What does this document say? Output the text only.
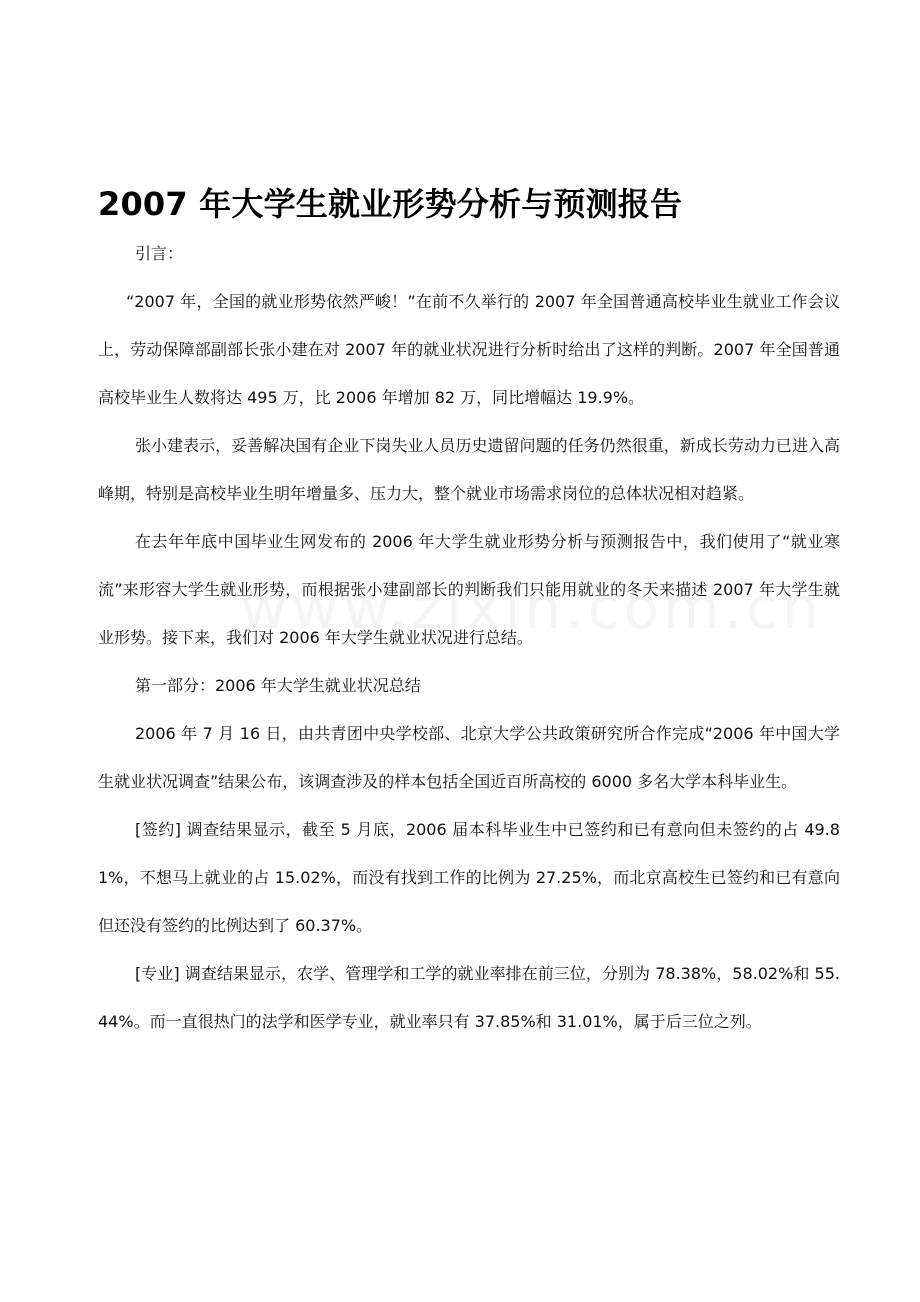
2007 年大学生就业形势分析与预测报告

引言：

“2007 年，全国的就业形势依然严峻！”在前不久举行的 2007 年全国普通高校毕业生就业工作会议上，劳动保障部副部长张小建在对 2007 年的就业状况进行分析时给出了这样的判断。2007 年全国普通高校毕业生人数将达 495 万，比 2006 年增加 82 万，同比增幅达 19.9%。

张小建表示，妥善解决国有企业下岗失业人员历史遗留问题的任务仍然很重，新成长劳动力已进入高峰期，特别是高校毕业生明年增量多、压力大，整个就业市场需求岗位的总体状况相对趋紧。

在去年年底中国毕业生网发布的 2006 年大学生就业形势分析与预测报告中，我们使用了“就业寒流”来形容大学生就业形势，而根据张小建副部长的判断我们只能用就业的冬天来描述 2007 年大学生就业形势。接下来，我们对 2006 年大学生就业状况进行总结。

第一部分：2006 年大学生就业状况总结

2006 年 7 月 16 日，由共青团中央学校部、北京大学公共政策研究所合作完成“2006 年中国大学生就业状况调查”结果公布，该调查涉及的样本包括全国近百所高校的 6000 多名大学本科毕业生。

[签约] 调查结果显示，截至 5 月底，2006 届本科毕业生中已签约和已有意向但未签约的占 49.81%，不想马上就业的占 15.02%，而没有找到工作的比例为 27.25%，而北京高校生已签约和已有意向但还没有签约的比例达到了 60.37%。

[专业] 调查结果显示，农学、管理学和工学的就业率排在前三位，分别为 78.38%，58.02%和 55.44%。而一直很热门的法学和医学专业，就业率只有 37.85%和 31.01%，属于后三位之列。
